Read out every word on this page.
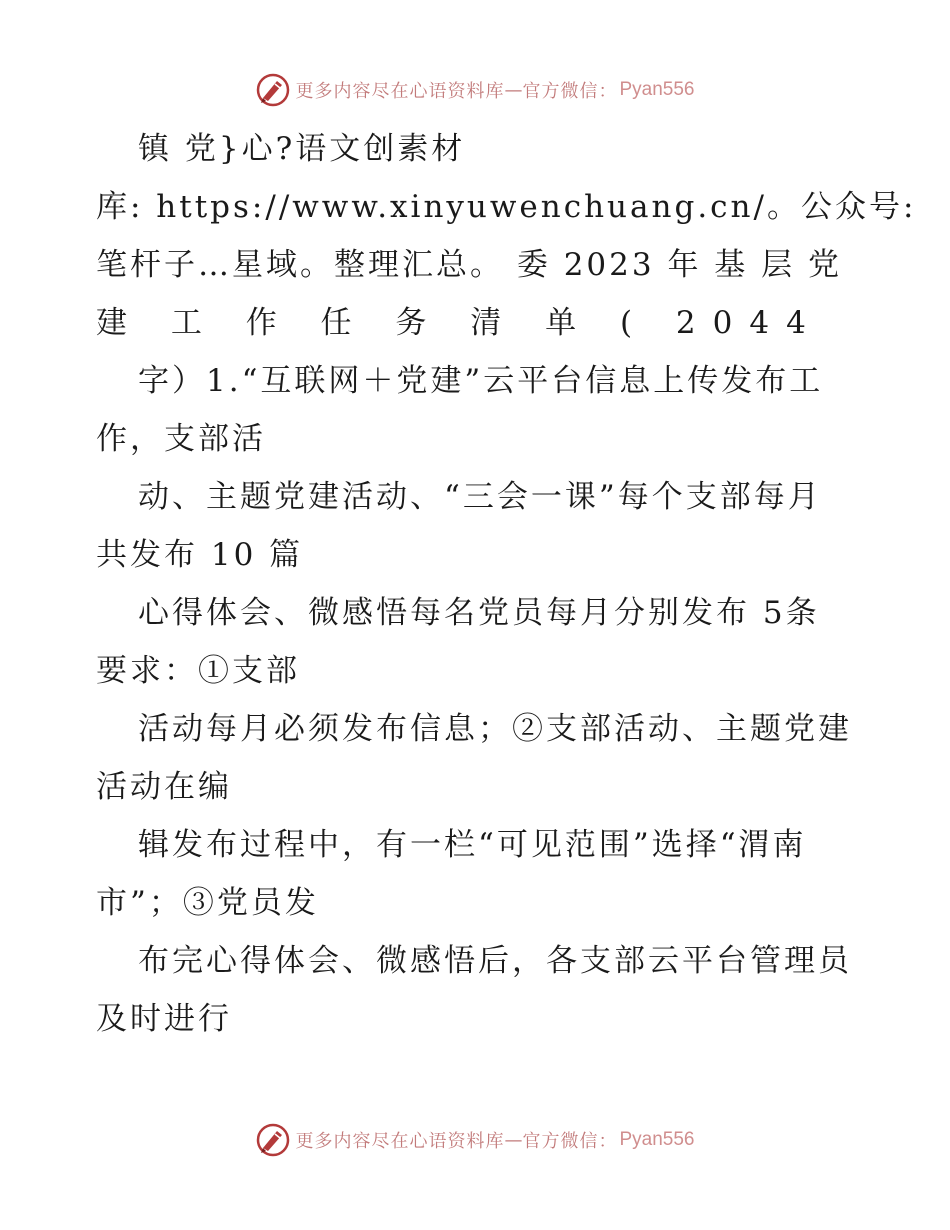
更多内容尽在心语资料库 — 官方微信： Pyan556
镇 党}心?语文创素材
库: https://www.xinyuwenchuang.cn/。公众号:
笔杆子…星域。整理汇总。 委 2023 年 基 层 党
建 工 作 任 务 清 单 ( 2044
字）1.“互联网＋党建”云平台信息上传发布工
作，支部活
动、主题党建活动、“三会一课”每个支部每月
共发布 10 篇
心得体会、微感悟每名党员每月分别发布 5条
要求：①支部
活动每月必须发布信息；②支部活动、主题党建
活动在编
辑发布过程中，有一栏“可见范围”选择“渭南
市”；③党员发
布完心得体会、微感悟后，各支部云平台管理员
及时进行
更多内容尽在心语资料库 — 官方微信： Pyan556
